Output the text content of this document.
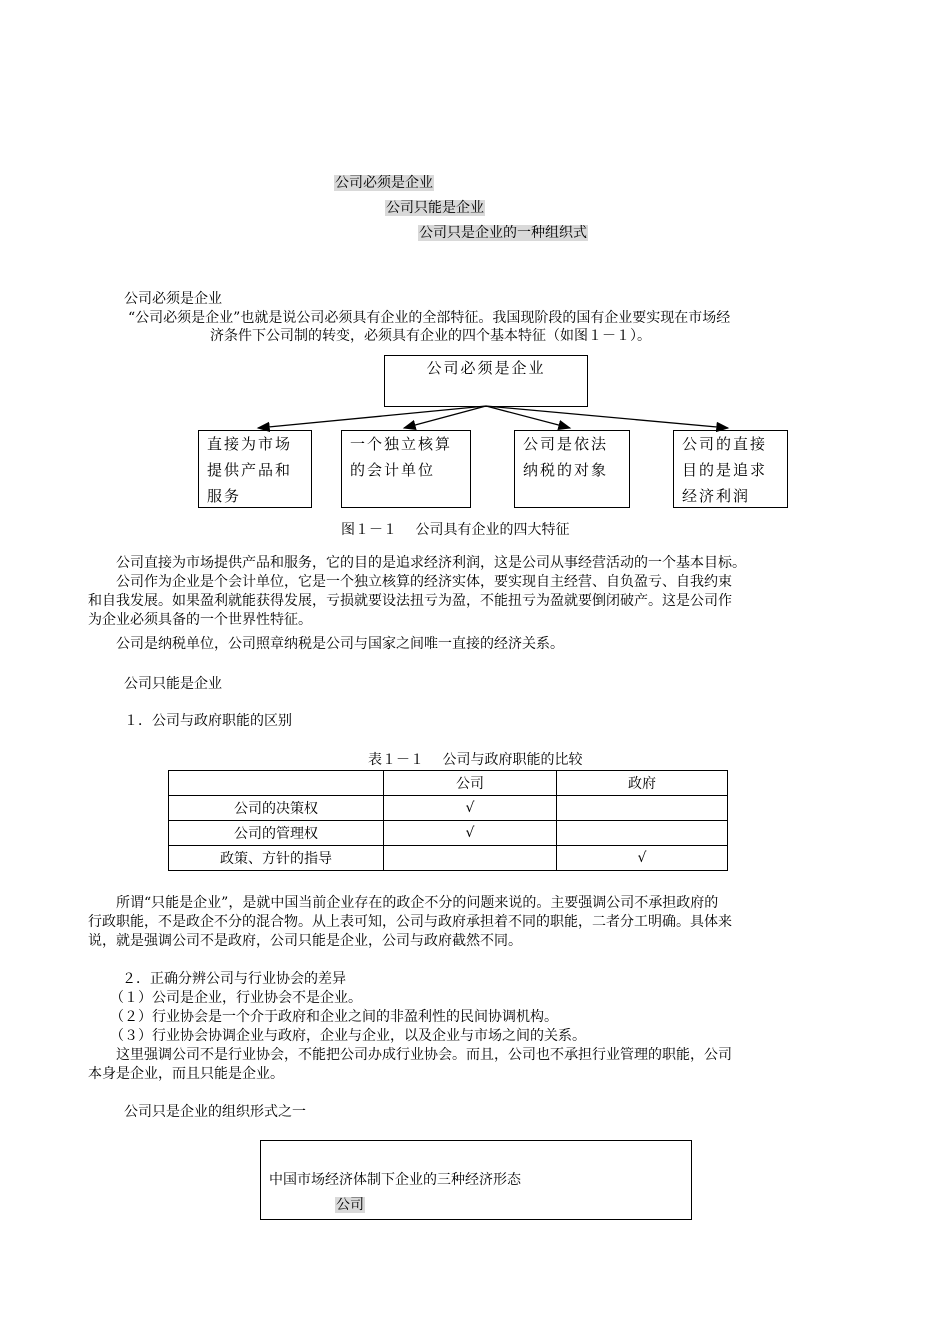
公司必须是企业
公司只能是企业
公司只是企业的一种组织式
公司必须是企业
“公司必须是企业”也就是说公司必须具有企业的全部特征。我国现阶段的国有企业要实现在市场经
济条件下公司制的转变，必须具有企业的四个基本特征（如图１－１）。
公司必须是企业
直接为市场
提供产品和
服务
一个独立核算
的会计单位
公司是依法
纳税的对象
公司的直接
目的是追求
经济利润
图１－１　 公司具有企业的四大特征
　　公司直接为市场提供产品和服务，它的目的是追求经济利润，这是公司从事经营活动的一个基本目标。
　　公司作为企业是个会计单位，它是一个独立核算的经济实体，要实现自主经营、自负盈亏、自我约束
和自我发展。如果盈利就能获得发展，亏损就要设法扭亏为盈，不能扭亏为盈就要倒闭破产。这是公司作
为企业必须具备的一个世界性特征。
　　公司是纳税单位，公司照章纳税是公司与国家之间唯一直接的经济关系。
公司只能是企业
１．公司与政府职能的区别
表１－１　 公司与政府职能的比较
	公司	政府
公司的决策权	√	
公司的管理权	√	
政策、方针的指导		√
　　所谓“只能是企业”，是就中国当前企业存在的政企不分的问题来说的。主要强调公司不承担政府的
行政职能，不是政企不分的混合物。从上表可知，公司与政府承担着不同的职能，二者分工明确。具体来
说，就是强调公司不是政府，公司只能是企业，公司与政府截然不同。
　２．正确分辨公司与行业协会的差异
（１）公司是企业，行业协会不是企业。
（２）行业协会是一个介于政府和企业之间的非盈利性的民间协调机构。
（３）行业协会协调企业与政府，企业与企业，以及企业与市场之间的关系。
　　这里强调公司不是行业协会，不能把公司办成行业协会。而且，公司也不承担行业管理的职能，公司
本身是企业，而且只能是企业。
公司只是企业的组织形式之一
中国市场经济体制下企业的三种经济形态
公司
